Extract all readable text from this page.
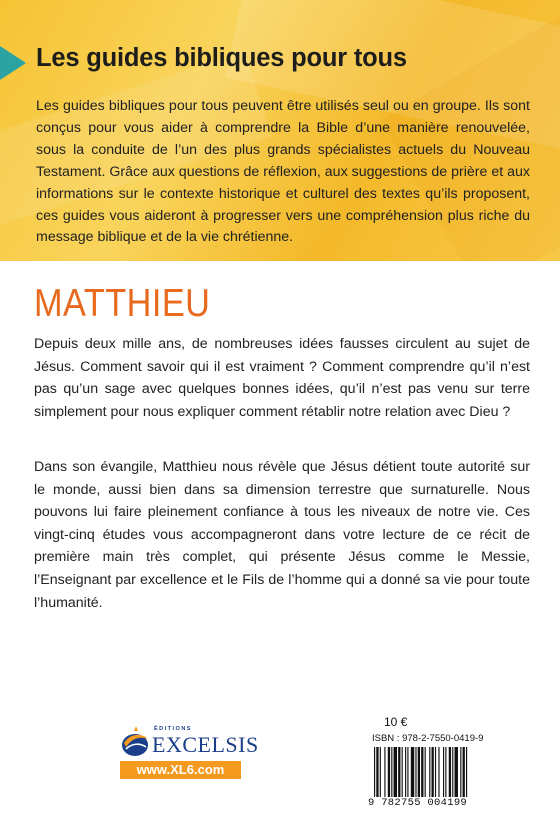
Les guides bibliques pour tous

Les guides bibliques pour tous peuvent être utilisés seul ou en groupe. Ils sont conçus pour vous aider à comprendre la Bible d’une manière renouvelée, sous la conduite de l’un des plus grands spécialistes actuels du Nouveau Testament. Grâce aux questions de réflexion, aux suggestions de prière et aux informations sur le contexte historique et culturel des textes qu’ils proposent, ces guides vous aideront à progresser vers une compréhension plus riche du message biblique et de la vie chrétienne.

MATTHIEU

Depuis deux mille ans, de nombreuses idées fausses circulent au sujet de Jésus. Comment savoir qui il est vraiment ? Comment comprendre qu’il n’est pas qu’un sage avec quelques bonnes idées, qu’il n’est pas venu sur terre simplement pour nous expliquer comment rétablir notre relation avec Dieu ?

Dans son évangile, Matthieu nous révèle que Jésus détient toute autorité sur le monde, aussi bien dans sa dimension terrestre que surnaturelle. Nous pouvons lui faire pleinement confiance à tous les niveaux de notre vie. Ces vingt-cinq études vous accompagneront dans votre lecture de ce récit de première main très complet, qui présente Jésus comme le Messie, l’Enseignant par excellence et le Fils de l’homme qui a donné sa vie pour toute l’humanité.

ÉDITIONS
EXCELSIS
www.XL6.com
10 €
ISBN : 978-2-7550-0419-9
9 782755 004199
